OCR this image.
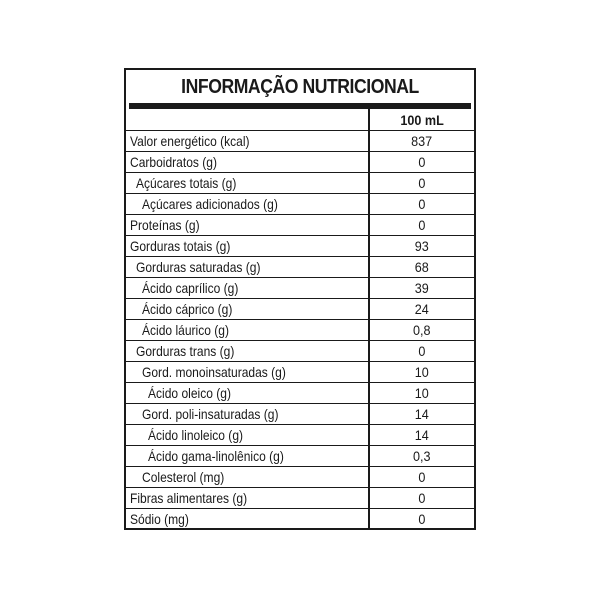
INFORMAÇÃO NUTRICIONAL
	100 mL
Valor energético (kcal)	837
Carboidratos (g)	0
Açúcares totais (g)	0
Açúcares adicionados (g)	0
Proteínas (g)	0
Gorduras totais (g)	93
Gorduras saturadas (g)	68
Ácido caprílico (g)	39
Ácido cáprico (g)	24
Ácido láurico (g)	0,8
Gorduras trans (g)	0
Gord. monoinsaturadas (g)	10
Ácido oleico (g)	10
Gord. poli-insaturadas (g)	14
Ácido linoleico (g)	14
Ácido gama-linolênico (g)	0,3
Colesterol (mg)	0
Fibras alimentares (g)	0
Sódio (mg)	0
